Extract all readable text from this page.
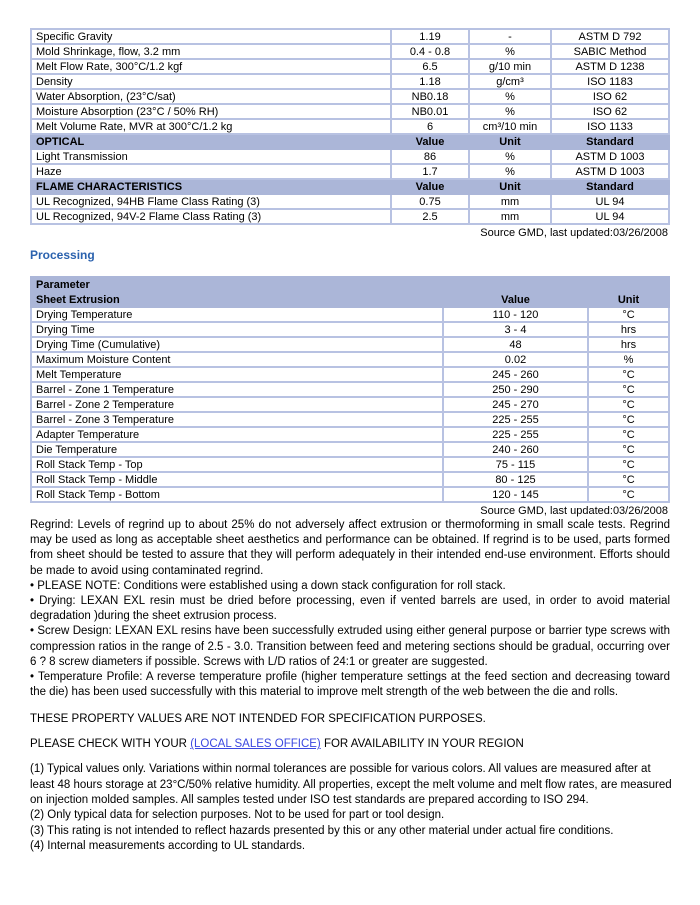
Specific Gravity	1.19	-	ASTM D 792
Mold Shrinkage, flow, 3.2 mm	0.4 - 0.8	%	SABIC Method
Melt Flow Rate, 300°C/1.2 kgf	6.5	g/10 min	ASTM D 1238
Density	1.18	g/cm³	ISO 1183
Water Absorption, (23°C/sat)	NB0.18	%	ISO 62
Moisture Absorption (23°C / 50% RH)	NB0.01	%	ISO 62
Melt Volume Rate, MVR at 300°C/1.2 kg	6	cm³/10 min	ISO 1133
OPTICAL	Value	Unit	Standard
Light Transmission	86	%	ASTM D 1003
Haze	1.7	%	ASTM D 1003
FLAME CHARACTERISTICS	Value	Unit	Standard
UL Recognized, 94HB Flame Class Rating (3)	0.75	mm	UL 94
UL Recognized, 94V-2 Flame Class Rating (3)	2.5	mm	UL 94
Source GMD, last updated:03/26/2008
Processing
Parameter		
Sheet Extrusion	Value	Unit
Drying Temperature	110 - 120	°C
Drying Time	3 - 4	hrs
Drying Time (Cumulative)	48	hrs
Maximum Moisture Content	0.02	%
Melt Temperature	245 - 260	°C
Barrel - Zone 1 Temperature	250 - 290	°C
Barrel - Zone 2 Temperature	245 - 270	°C
Barrel - Zone 3 Temperature	225 - 255	°C
Adapter Temperature	225 - 255	°C
Die Temperature	240 - 260	°C
Roll Stack Temp - Top	75 - 115	°C
Roll Stack Temp - Middle	80 - 125	°C
Roll Stack Temp - Bottom	120 - 145	°C
Source GMD, last updated:03/26/2008
Regrind: Levels of regrind up to about 25% do not adversely affect extrusion or thermoforming in small scale tests. Regrind may be used as long as acceptable sheet aesthetics and performance can be obtained. If regrind is to be used, parts formed from sheet should be tested to assure that they will perform adequately in their intended end-use environment. Efforts should be made to avoid using contaminated regrind.
• PLEASE NOTE: Conditions were established using a down stack configuration for roll stack.
• Drying: LEXAN EXL resin must be dried before processing, even if vented barrels are used, in order to avoid material degradation )during the sheet extrusion process.
• Screw Design: LEXAN EXL resins have been successfully extruded using either general purpose or barrier type screws with compression ratios in the range of 2.5 - 3.0. Transition between feed and metering sections should be gradual, occurring over 6 ? 8 screw diameters if possible. Screws with L/D ratios of 24:1 or greater are suggested.
• Temperature Profile: A reverse temperature profile (higher temperature settings at the feed section and decreasing toward the die) has been used successfully with this material to improve melt strength of the web between the die and rolls.
THESE PROPERTY VALUES ARE NOT INTENDED FOR SPECIFICATION PURPOSES.
PLEASE CHECK WITH YOUR (LOCAL SALES OFFICE) FOR AVAILABILITY IN YOUR REGION
(1) Typical values only. Variations within normal tolerances are possible for various colors. All values are measured after at least 48 hours storage at 23°C/50% relative humidity. All properties, except the melt volume and melt flow rates, are measured on injection molded samples. All samples tested under ISO test standards are prepared according to ISO 294.
(2) Only typical data for selection purposes. Not to be used for part or tool design.
(3) This rating is not intended to reflect hazards presented by this or any other material under actual fire conditions.
(4) Internal measurements according to UL standards.
